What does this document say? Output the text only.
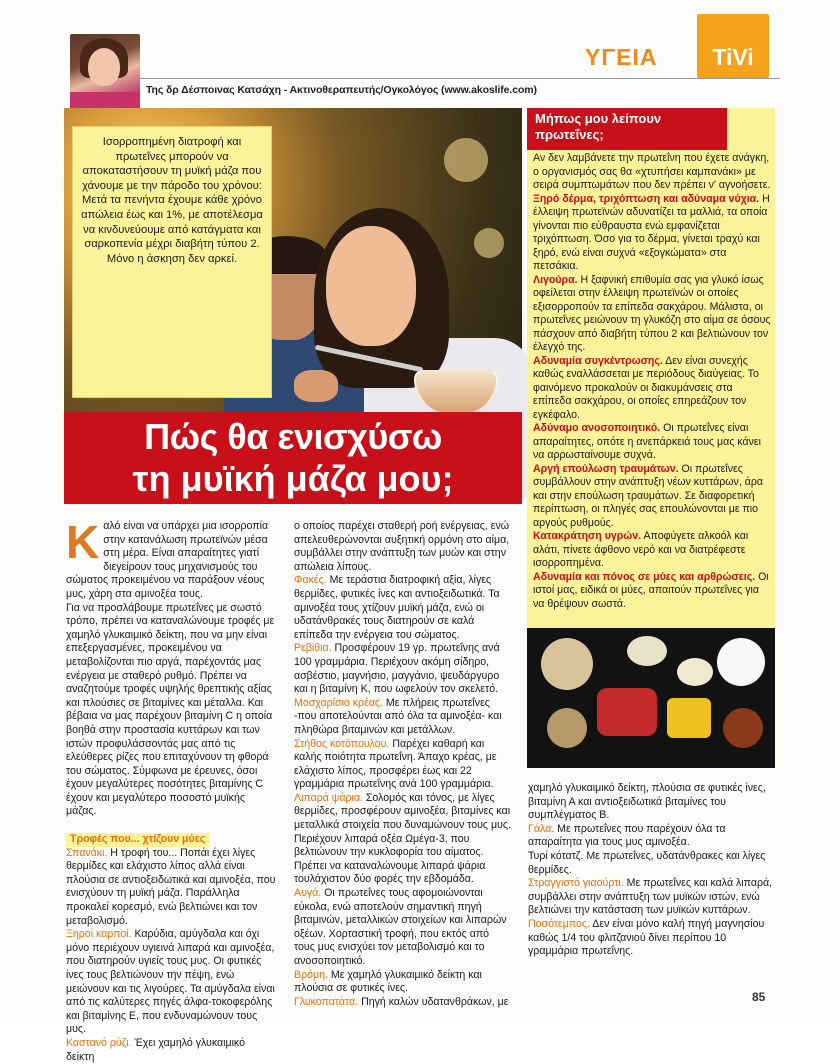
Της δρ Δέσποινας Κατσάχη - Ακτινοθεραπευτής/Ογκολόγος (www.akoslife.com)
ΥΓΕΙΑ	TiVi
Ισορροπημένη διατροφή και πρωτεΐνες μπορούν να αποκαταστήσουν τη μυϊκή μάζα που χάνουμε με την πάροδο του χρόνου: Μετά τα πενήντα έχουμε κάθε χρόνο απώλεια έως και 1%, με αποτέλεσμα να κινδυνεύουμε από κατάγματα και σαρκοπενία μέχρι διαβήτη τύπου 2. Μόνο η άσκηση δεν αρκεί.
Πώς θα ενισχύσω
τη μυϊκή μάζα μου;
Μήπως μου λείπουν πρωτεΐνες;

Αν δεν λαμβάνετε την πρωτεΐνη που έχετε ανάγκη, ο οργανισμός σας θα «χτυπήσει καμπανάκι» με σειρά συμπτωμάτων που δεν πρέπει ν' αγνοήσετε.

Ξηρό δέρμα, τριχόπτωση και αδύναμα νύχια. Η έλλειψη πρωτεϊνών αδυνατίζει τα μαλλιά, τα οποία γίνονται πιο εύθραυστα ενώ εμφανίζεται τριχόπτωση. Όσο για το δέρμα, γίνεται τραχύ και ξηρό, ενώ είναι συχνά «εξογκώματα» στα πετσάκια.

Λιγούρα. Η ξαφνική επιθυμία σας για γλυκό ίσως οφείλεται στην έλλειψη πρωτεϊνών οι οποίες εξισορροπούν τα επίπεδα σακχάρου. Μάλιστα, οι πρωτεΐνες μειώνουν τη γλυκόζη στο αίμα σε όσους πάσχουν από διαβήτη τύπου 2 και βελτιώνουν τον έλεγχό της.

Αδυναμία συγκέντρωσης. Δεν είναι συνεχής καθώς εναλλάσσεται με περιόδους διαύγειας. Το φαινόμενο προκαλούν οι διακυμάνσεις στα επίπεδα σακχάρου, οι οποίες επηρεάζουν τον εγκέφαλο.

Αδύναμο ανοσοποιητικό. Οι πρωτεΐνες είναι απαραίτητες, οπότε η ανεπάρκειά τους μας κάνει να αρρωσταίνουμε συχνά.

Αργή επούλωση τραυμάτων. Οι πρωτεΐνες συμβάλλουν στην ανάπτυξη νέων κυττάρων, άρα και στην επούλωση τραυμάτων. Σε διαφορετική περίπτωση, οι πληγές σας επουλώνονται με πιο αργούς ρυθμούς.

Κατακράτηση υγρών. Αποφύγετε αλκοόλ και αλάτι, πίνετε άφθονο νερό και να διατρέφεστε ισορροπημένα.

Αδυναμία και πόνος σε μύες και αρθρώσεις. Οι ιστοί μας, ειδικά οι μύες, απαιτούν πρωτεΐνες για να θρέψουν σωστά.

Καλό είναι να υπάρχει μια ισορροπία στην κατανάλωση πρωτεϊνών μέσα στη μέρα. Είναι απαραίτητες γιατί διεγείρουν τους μηχανισμούς του σώματος προκειμένου να παράξουν νέους μυς, χάρη στα αμινοξέα τους.

Για να προσλάβουμε πρωτεΐνες με σωστό τρόπο, πρέπει να καταναλώνουμε τροφές με χαμηλό γλυκαιμικό δείκτη, που να μην είναι επεξεργασμένες, προκειμένου να μεταβολίζονται πιο αργά, παρέχοντάς μας ενέργεια με σταθερό ρυθμό. Πρέπει να αναζητούμε τροφές υψηλής θρεπτικής αξίας και πλούσιες σε βιταμίνες και μέταλλα. Και βέβαια να μας παρέχουν βιταμίνη C η οποία βοηθά στην προστασία κυττάρων και των ιστών προφυλάσσοντάς μας από τις ελεύθερες ρίζες που επιταχύνουν τη φθορά του σώματος. Σύμφωνα με έρευνες, όσοι έχουν μεγαλύτερες ποσότητες βιταμίνης C έχουν και μεγαλύτερο ποσοστό μυϊκής μάζας.

Τροφές που... χτίζουν μύες

Σπανάκι. Η τροφή του... Ποπάι έχει λίγες θερμίδες και ελάχιστο λίπος αλλά είναι πλούσια σε αντιοξειδωτικά και αμινοξέα, που ενισχύουν τη μυϊκή μάζα. Παράλληλα προκαλεί κορεσμό, ενώ βελτιώνει και τον μεταβολισμό.

Ξηροί καρποί. Καρύδια, αμύγδαλα και όχι μόνο περιέχουν υγιεινά λιπαρά και αμινοξέα, που διατηρούν υγιείς τους μυς. Οι φυτικές ίνες τους βελτιώνουν την πέψη, ενώ μειώνουν και τις λιγούρες. Τα αμύγδαλα είναι από τις καλύτερες πηγές άλφα-τοκοφερόλης και βιταμίνης Ε, που ενδυναμώνουν τους μυς.

Καστανό ρύζι. Έχει χαμηλό γλυκαιμικό δείκτη

ο οποίος παρέχει σταθερή ροή ενέργειας, ενώ απελευθερώνονται αυξητική ορμόνη στο αίμα, συμβάλλει στην ανάπτυξη των μυών και στην απώλεια λίπους.

Φακές. Με τεράστια διατροφική αξία, λίγες θερμίδες, φυτικές ίνες και αντιοξειδωτικά. Τα αμινοξέα τους χτίζουν μυϊκή μάζα, ενώ οι υδατάνθρακές τους διατηρούν σε καλά επίπεδα την ενέργεια του σώματος.

Ρεβίθια. Προσφέρουν 19 γρ. πρωτεΐνης ανά 100 γραμμάρια. Περιέχουν ακόμη σίδηρο, ασβέστιο, μαγνήσιο, μαγγάνιο, ψευδάργυρο και η βιταμίνη Κ, που ωφελούν τον σκελετό.

Μοσχαρίσιο κρέας. Με πλήρεις πρωτεΐνες -που αποτελούνται από όλα τα αμινοξέα- και πληθώρα βιταμινών και μετάλλων.

Στήθος κοτόπουλου. Παρέχει καθαρή και καλής ποιότητα πρωτεΐνη. Άπαχο κρέας, με ελάχιστο λίπος, προσφέρει έως και 22 γραμμάρια πρωτεΐνης ανά 100 γραμμάρια.

Λιπαρά ψάρια. Σολομός και τόνος, με λίγες θερμίδες, προσφέρουν αμινοξέα, βιταμίνες και μεταλλικά στοιχεία που δυναμώνουν τους μυς. Περιέχουν λιπαρά οξέα Ωμέγα-3, που βελτιώνουν την κυκλοφορία του αίματος. Πρέπει να καταναλώνουμε λιπαρά ψάρια τουλάχιστον δύο φορές την εβδομάδα.

Αυγά. Οι πρωτεΐνες τους αφομοιώνονται εύκολα, ενώ αποτελούν σημαντική πηγή βιταμινών, μεταλλικών στοιχείων και λιπαρών οξέων. Χορταστική τροφή, που εκτός από τους μυς ενισχύει τον μεταβολισμό και το ανοσοποιητικό.

Βρόμη. Με χαμηλό γλυκαιμικό δείκτη και πλούσια σε φυτικές ίνες.

Γλυκοπατάτα. Πηγή καλών υδατανθράκων, με

χαμηλό γλυκαιμικό δείκτη, πλούσια σε φυτικές ίνες, βιταμίνη Α και αντιοξειδωτικά βιταμίνες του συμπλέγματος Β.

Γάλα. Με πρωτεΐνες που παρέχουν όλα τα απαραίτητα για τους μυς αμινοξέα.

Τυρί κότατζ. Με πρωτεΐνες, υδατάνθρακες και λίγες θερμίδες.

Στραγγιστό γιαούρτι. Με πρωτεΐνες και καλά λιπαρά, συμβάλλει στην ανάπτυξη των μυϊκών ιστών, ενώ βελτιώνει την κατάσταση των μυϊκών κυττάρων.

Ποσότεμπος. Δεν είναι μόνο καλή πηγή μαγνησίου καθώς 1/4 του φλιτζανιού δίνει περίπου 10 γραμμάρια πρωτεΐνης.

85
